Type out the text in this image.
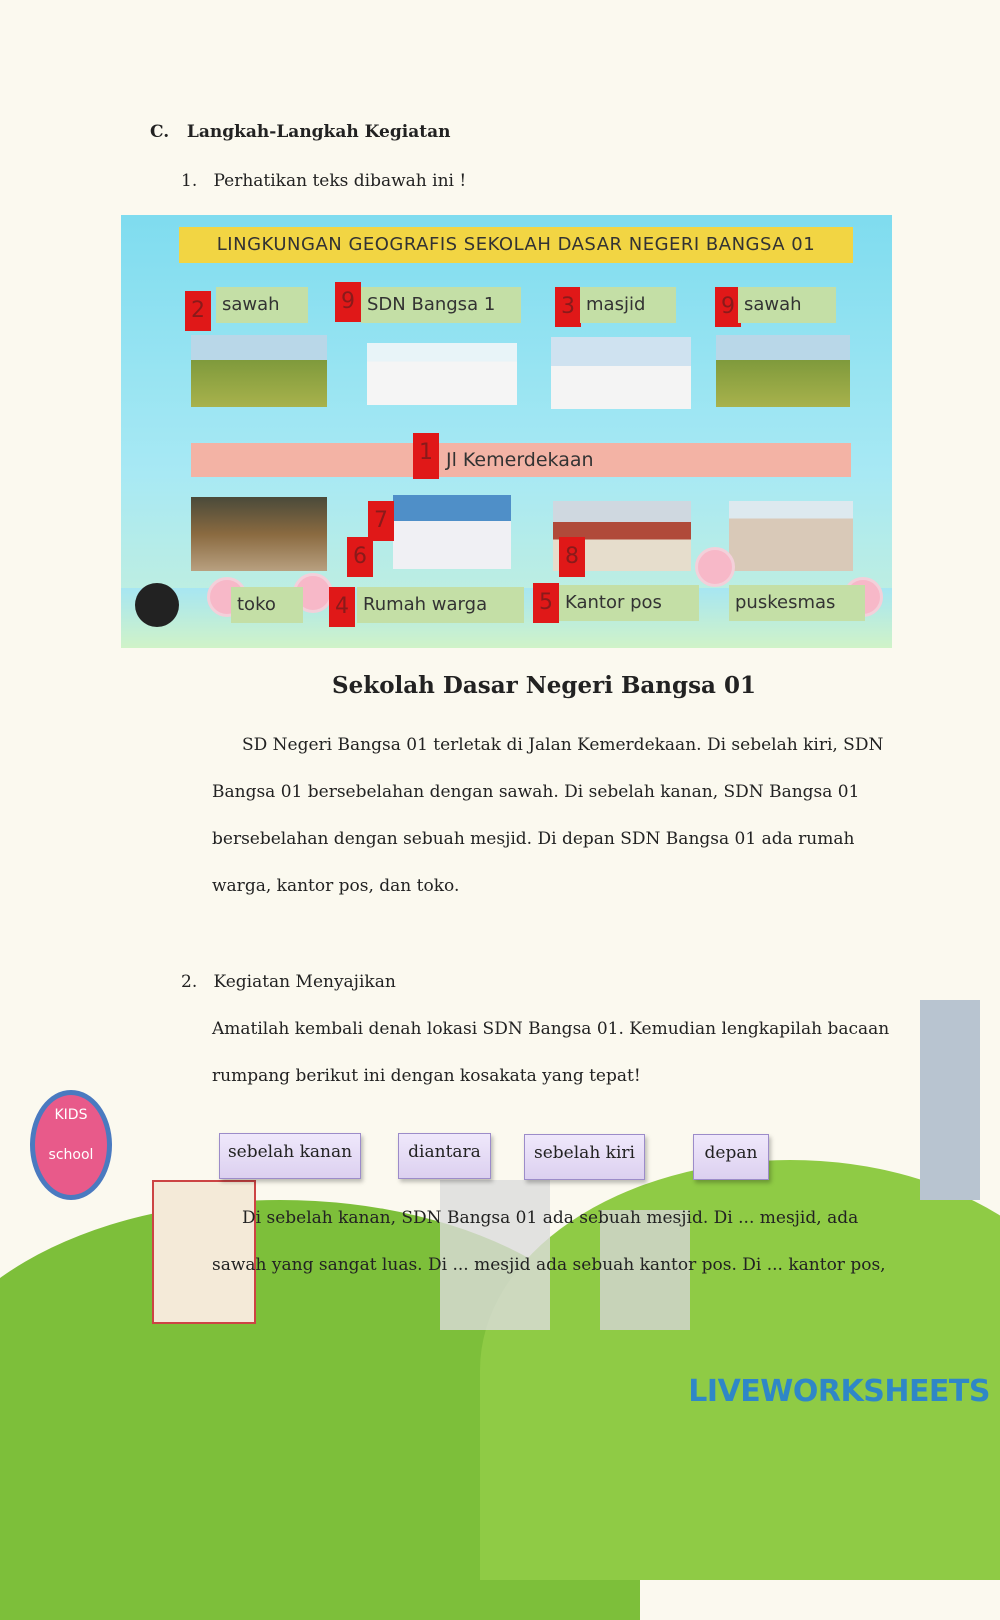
C. Langkah-Langkah Kegiatan
1. Perhatikan teks dibawah ini !
LINGKUNGAN GEOGRAFIS SEKOLAH DASAR NEGERI BANGSA 01
2 sawah	9 SDN Bangsa 1	3 masjid	9 sawah
Jl Kemerdekaan
1
7
6	8
toko	4 Rumah warga	5 Kantor pos	puskesmas
Sekolah Dasar Negeri Bangsa 01
SD Negeri Bangsa 01 terletak di Jalan Kemerdekaan. Di sebelah kiri, SDN
Bangsa 01 bersebelahan dengan sawah. Di sebelah kanan, SDN Bangsa 01
bersebelahan dengan sebuah mesjid. Di depan SDN Bangsa 01 ada rumah
warga, kantor pos, dan toko.
KIDS school
2. Kegiatan Menyajikan
Amatilah kembali denah lokasi SDN Bangsa 01. Kemudian lengkapilah bacaan
rumpang berikut ini dengan kosakata yang tepat!
sebelah kanan	diantara	sebelah kiri	depan
Di sebelah kanan, SDN Bangsa 01 ada sebuah mesjid. Di ... mesjid, ada
sawah yang sangat luas. Di ... mesjid ada sebuah kantor pos. Di ... kantor pos,
LIVEWORKSHEETS
